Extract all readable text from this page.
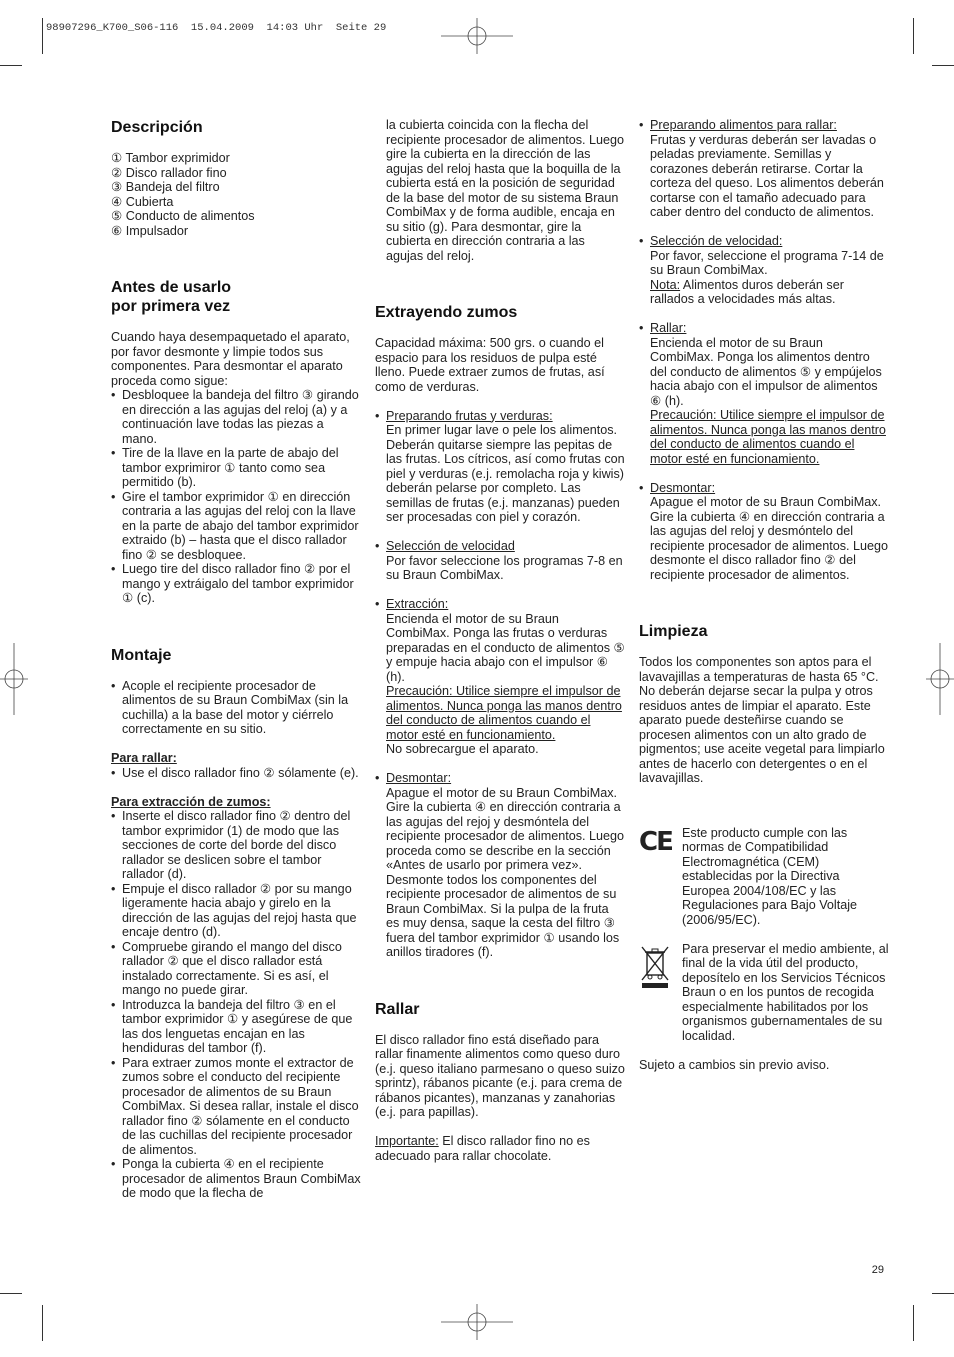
98907296_K700_S06-116  15.04.2009  14:03 Uhr  Seite 29
Descripción

① Tambor exprimidor

② Disco rallador fino

③ Bandeja del filtro

④ Cubierta

⑤ Conducto de alimentos

⑥ Impulsador

Antes de usarlo
por primera vez

Cuando haya desempaquetado el aparato, por favor desmonte y limpie todos sus componentes. Para desmontar el aparato proceda como sigue:

• Desbloquee la bandeja del filtro ③ girando en dirección a las agujas del reloj (a) y a continuación lave todas las piezas a mano.

• Tire de la llave en la parte de abajo del tambor exprimiror ① tanto como sea permitido (b).

• Gire el tambor exprimidor ① en dirección contraria a las agujas del reloj con la llave en la parte de abajo del tambor exprimidor extraido (b) – hasta que el disco rallador fino ② se desbloquee.

• Luego tire del disco rallador fino ② por el mango y extráigalo del tambor exprimidor ① (c).

Montaje

• Acople el recipiente procesador de alimentos de su Braun CombiMax (sin la cuchilla) a la base del motor y ciérrelo correctamente en su sitio.

Para rallar:

• Use el disco rallador fino ② sólamente (e).

Para extracción de zumos:

• Inserte el disco rallador fino ② dentro del tambor exprimidor (1) de modo que las secciones de corte del borde del disco rallador se deslicen sobre el tambor rallador (d).

• Empuje el disco rallador ② por su mango ligeramente hacia abajo y girelo en la dirección de las agujas del rejoj hasta que encaje dentro (d).

• Compruebe girando el mango del disco rallador ② que el disco rallador está instalado correctamente. Si es así, el mango no puede girar.

• Introduzca la bandeja del filtro ③ en el tambor exprimidor ① y asegúrese de que las dos lenguetas encajan en las hendiduras del tambor (f).

• Para extraer zumos monte el extractor de zumos sobre el conducto del recipiente procesador de alimentos de su Braun CombiMax. Si desea rallar, instale el disco rallador fino ② sólamente en el conducto de las cuchillas del recipiente procesador de alimentos.

• Ponga la cubierta ④ en el recipiente procesador de alimentos Braun CombiMax de modo que la flecha de

la cubierta coincida con la flecha del recipiente procesador de alimentos. Luego gire la cubierta en la dirección de las agujas del reloj hasta que la boquilla de la cubierta está en la posición de seguridad de la base del motor de su sistema Braun CombiMax y de forma audible, encaja en su sitio (g). Para desmontar, gire la cubierta en dirección contraria a las agujas del reloj.

Extrayendo zumos

Capacidad máxima: 500 grs. o cuando el espacio para los residuos de pulpa esté lleno. Puede extraer zumos de frutas, así como de verduras.

• Preparando frutas y verduras:

En primer lugar lave o pele los alimentos. Deberán quitarse siempre las pepitas de las frutas. Los cítricos, así como frutas con piel y verduras (e.j. remolacha roja y kiwis) deberán pelarse por completo. Las semillas de frutas (e.j. manzanas) pueden ser procesadas con piel y corazón.

• Selección de velocidad

Por favor seleccione los programas 7-8 en su Braun CombiMax.

• Extracción:

Encienda el motor de su Braun CombiMax. Ponga las frutas o verduras preparadas en el conducto de alimentos ⑤ y empuje hacia abajo con el impulsor ⑥ (h).

Precaución: Utilice siempre el impulsor de alimentos. Nunca ponga las manos dentro del conducto de alimentos cuando el motor esté en funcionamiento.

No sobrecargue el aparato.

• Desmontar:

Apague el motor de su Braun CombiMax. Gire la cubierta ④ en dirección contraria a las agujas del rejoj y desmóntela del recipiente procesador de alimentos. Luego proceda como se describe en la sección «Antes de usarlo por primera vez». Desmonte todos los componentes del recipiente procesador de alimentos de su Braun CombiMax. Si la pulpa de la fruta es muy densa, saque la cesta del filtro ③ fuera del tambor exprimidor ① usando los anillos tiradores (f).

Rallar

El disco rallador fino está diseñado para rallar finamente alimentos como queso duro (e.j. queso italiano parmesano o queso suizo sprintz), rábanos picante (e.j. para crema de rábanos picantes), manzanas y zanahorias (e.j. para papillas).

Importante: El disco rallador fino no es adecuado para rallar chocolate.

• Preparando alimentos para rallar:

Frutas y verduras deberán ser lavadas o peladas previamente. Semillas y corazones deberán retirarse. Cortar la corteza del queso. Los alimentos deberán cortarse con el tamaño adecuado para caber dentro del conducto de alimentos.

• Selección de velocidad:

Por favor, seleccione el programa 7-14 de su Braun CombiMax.

Nota: Alimentos duros deberán ser rallados a velocidades más altas.

• Rallar:

Encienda el motor de su Braun CombiMax. Ponga los alimentos dentro del conducto de alimentos ⑤ y empújelos hacia abajo con el impulsor de alimentos ⑥ (h).

Precaución: Utilice siempre el impulsor de alimentos. Nunca ponga las manos dentro del conducto de alimentos cuando el motor esté en funcionamiento.

• Desmontar:

Apague el motor de su Braun CombiMax. Gire la cubierta ④ en dirección contraria a las agujas del reloj y desmóntelo del recipiente procesador de alimentos. Luego desmonte el disco rallador fino ② del recipiente procesador de alimentos.

Limpieza

Todos los componentes son aptos para el lavavajillas a temperaturas de hasta 65 °C. No deberán dejarse secar la pulpa y otros residuos antes de limpiar el aparato. Este aparato puede desteñirse cuando se procesen alimentos con un alto grado de pigmentos; use aceite vegetal para limpiarlo antes de hacerlo con detergentes o en el lavavajillas.

CE Este producto cumple con las normas de Compatibilidad Electromagnética (CEM) establecidas por la Directiva Europea 2004/108/EC y las Regulaciones para Bajo Voltaje (2006/95/EC).

Para preservar el medio ambiente, al final de la vida útil del producto, deposítelo en los Servicios Técnicos Braun o en los puntos de recogida especialmente habilitados por los organismos gubernamentales de su localidad.

Sujeto a cambios sin previo aviso.

29
